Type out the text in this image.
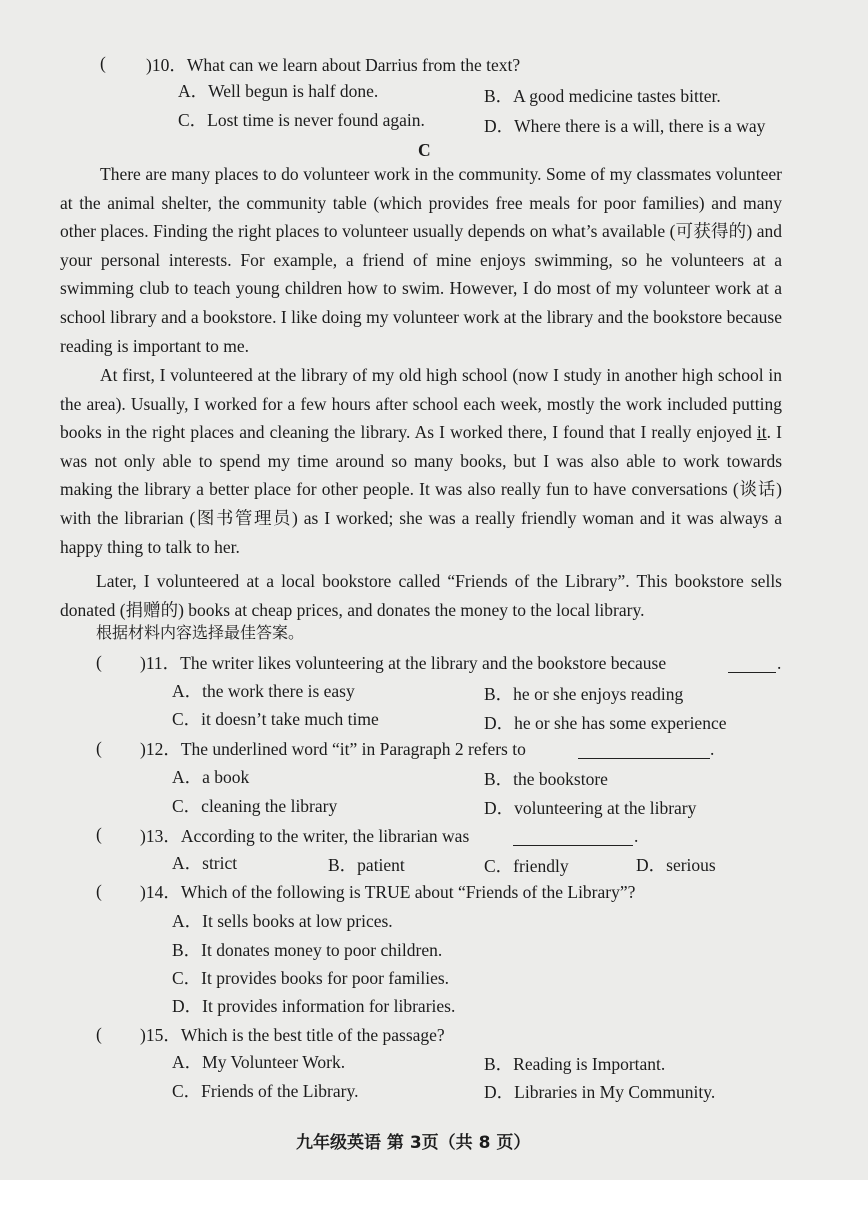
( )10．What can we learn about Darrius from the text?
A．Well begun is half done.	B．A good medicine tastes bitter.
C．Lost time is never found again.	D．Where there is a will, there is a way
C
There are many places to do volunteer work in the community. Some of my classmates volunteer at the animal shelter, the community table (which provides free meals for poor families) and many other places. Finding the right places to volunteer usually depends on what’s available (可获得的) and your personal interests. For example, a friend of mine enjoys swimming, so he volunteers at a swimming club to teach young children how to swim. However, I do most of my volunteer work at a school library and a bookstore. I like doing my volunteer work at the library and the bookstore because reading is important to me.
At first, I volunteered at the library of my old high school (now I study in another high school in the area). Usually, I worked for a few hours after school each week, mostly the work included putting books in the right places and cleaning the library. As I worked there, I found that I really enjoyed it. I was not only able to spend my time around so many books, but I was also able to work towards making the library a better place for other people. It was also really fun to have conversations (谈话) with the librarian (图书管理员) as I worked; she was a really friendly woman and it was always a happy thing to talk to her.
Later, I volunteered at a local bookstore called “Friends of the Library”. This bookstore sells donated (捐赠的) books at cheap prices, and donates the money to the local library.
根据材料内容选择最佳答案。
( )11．The writer likes volunteering at the library and the bookstore because	.
A．the work there is easy	B．he or she enjoys reading
C．it doesn’t take much time	D．he or she has some experience
( )12．The underlined word “it” in Paragraph 2 refers to	.
A．a book	B．the bookstore
C．cleaning the library	D．volunteering at the library
( )13．According to the writer, the librarian was	.
A．strict	B．patient	C．friendly	D．serious
( )14．Which of the following is TRUE about “Friends of the Library”?
A．It sells books at low prices.
B．It donates money to poor children.
C．It provides books for poor families.
D．It provides information for libraries.
( )15．Which is the best title of the passage?
A．My Volunteer Work.	B．Reading is Important.
C．Friends of the Library.	D．Libraries in My Community.
九年级英语 第 3页（共 8 页）
